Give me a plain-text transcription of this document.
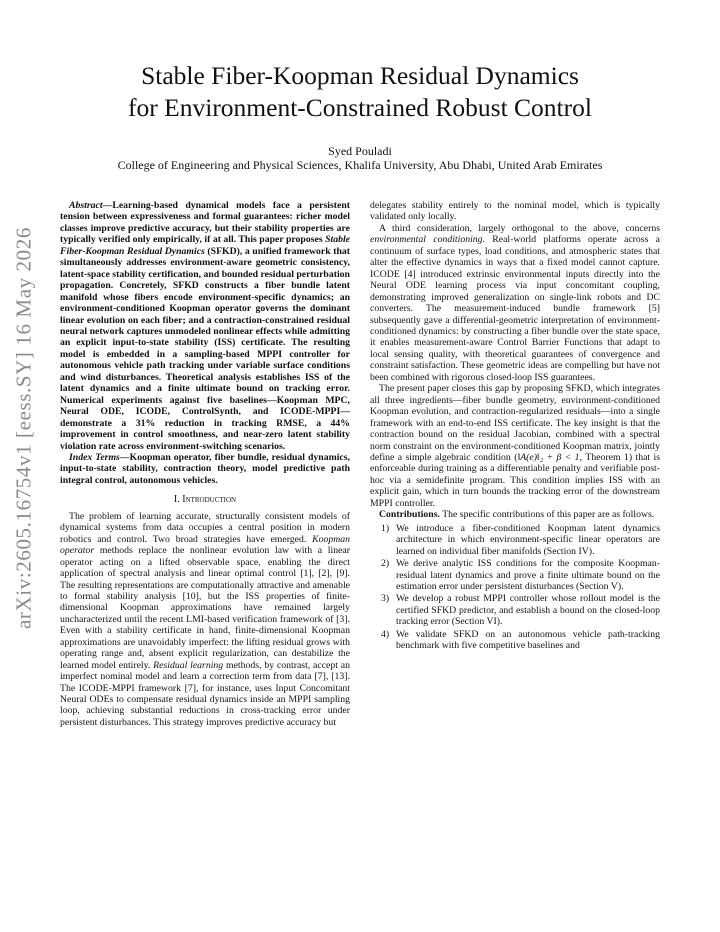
arXiv:2605.16754v1 [eess.SY] 16 May 2026
Stable Fiber-Koopman Residual Dynamics
for Environment-Constrained Robust Control
Syed Pouladi
College of Engineering and Physical Sciences, Khalifa University, Abu Dhabi, United Arab Emirates

Abstract—Learning-based dynamical models face a persistent tension between expressiveness and formal guarantees: richer model classes improve predictive accuracy, but their stability properties are typically verified only empirically, if at all. This paper proposes Stable Fiber-Koopman Residual Dynamics (SFKD), a unified framework that simultaneously addresses environment-aware geometric consistency, latent-space stability certification, and bounded residual perturbation propagation. Concretely, SFKD constructs a fiber bundle latent manifold whose fibers encode environment-specific dynamics; an environment-conditioned Koopman operator governs the dominant linear evolution on each fiber; and a contraction-constrained residual neural network captures unmodeled nonlinear effects while admitting an explicit input-to-state stability (ISS) certificate. The resulting model is embedded in a sampling-based MPPI controller for autonomous vehicle path tracking under variable surface conditions and wind disturbances. Theoretical analysis establishes ISS of the latent dynamics and a finite ultimate bound on tracking error. Numerical experiments against five baselines—Koopman MPC, Neural ODE, ICODE, ControlSynth, and ICODE-MPPI—demonstrate a 31% reduction in tracking RMSE, a 44% improvement in control smoothness, and near-zero latent stability violation rate across environment-switching scenarios.

Index Terms—Koopman operator, fiber bundle, residual dynamics, input-to-state stability, contraction theory, model predictive path integral control, autonomous vehicles.

I. Introduction

The problem of learning accurate, structurally consistent models of dynamical systems from data occupies a central position in modern robotics and control. Two broad strategies have emerged. Koopman operator methods replace the nonlinear evolution law with a linear operator acting on a lifted observable space, enabling the direct application of spectral analysis and linear optimal control [1], [2], [9]. The resulting representations are computationally attractive and amenable to formal stability analysis [10], but the ISS properties of finite-dimensional Koopman approximations have remained largely uncharacterized until the recent LMI-based verification framework of [3]. Even with a stability certificate in hand, finite-dimensional Koopman approximations are unavoidably imperfect: the lifting residual grows with operating range and, absent explicit regularization, can destabilize the learned model entirely. Residual learning methods, by contrast, accept an imperfect nominal model and learn a correction term from data [7], [13]. The ICODE-MPPI framework [7], for instance, uses Input Concomitant Neural ODEs to compensate residual dynamics inside an MPPI sampling loop, achieving substantial reductions in cross-tracking error under persistent disturbances. This strategy improves predictive accuracy but

delegates stability entirely to the nominal model, which is typically validated only locally.

A third consideration, largely orthogonal to the above, concerns environmental conditioning. Real-world platforms operate across a continuum of surface types, load conditions, and atmospheric states that alter the effective dynamics in ways that a fixed model cannot capture. ICODE [4] introduced extrinsic environmental inputs directly into the Neural ODE learning process via input concomitant coupling, demonstrating improved generalization on single-link robots and DC converters. The measurement-induced bundle framework [5] subsequently gave a differential-geometric interpretation of environment-conditioned dynamics: by constructing a fiber bundle over the state space, it enables measurement-aware Control Barrier Functions that adapt to local sensing quality, with theoretical guarantees of convergence and constraint satisfaction. These geometric ideas are compelling but have not been combined with rigorous closed-loop ISS guarantees.

The present paper closes this gap by proposing SFKD, which integrates all three ingredients—fiber bundle geometry, environment-conditioned Koopman evolution, and contraction-regularized residuals—into a single framework with an end-to-end ISS certificate. The key insight is that the contraction bound on the residual Jacobian, combined with a spectral norm constraint on the environment-conditioned Koopman matrix, jointly define a simple algebraic condition (‖A(e)‖₂ + β < 1, Theorem 1) that is enforceable during training as a differentiable penalty and verifiable post-hoc via a semidefinite program. This condition implies ISS with an explicit gain, which in turn bounds the tracking error of the downstream MPPI controller.

Contributions. The specific contributions of this paper are as follows.

1) We introduce a fiber-conditioned Koopman latent dynamics architecture in which environment-specific linear operators are learned on individual fiber manifolds (Section IV).
2) We derive analytic ISS conditions for the composite Koopman-residual latent dynamics and prove a finite ultimate bound on the estimation error under persistent disturbances (Section V).
3) We develop a robust MPPI controller whose rollout model is the certified SFKD predictor, and establish a bound on the closed-loop tracking error (Section VI).
4) We validate SFKD on an autonomous vehicle path-tracking benchmark with five competitive baselines and
